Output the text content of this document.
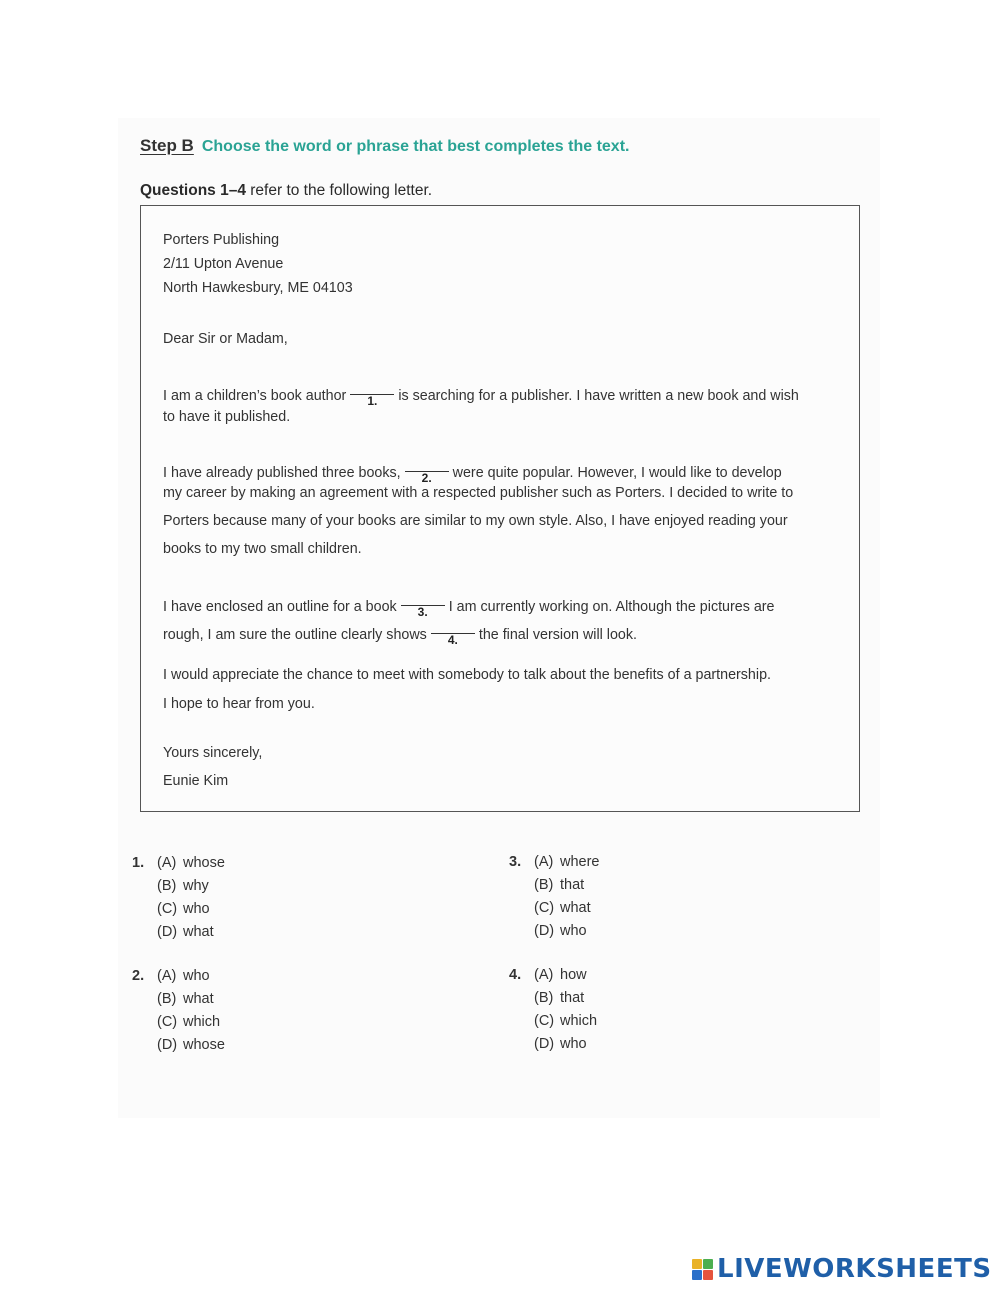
Step B Choose the word or phrase that best completes the text.
Questions 1–4 refer to the following letter.
Porters Publishing
2/11 Upton Avenue
North Hawkesbury, ME 04103
Dear Sir or Madam,
I am a children’s book author 1. is searching for a publisher. I have written a new book and wish
to have it published.
I have already published three books, 2. were quite popular. However, I would like to develop
my career by making an agreement with a respected publisher such as Porters. I decided to write to
Porters because many of your books are similar to my own style. Also, I have enjoyed reading your
books to my two small children.
I have enclosed an outline for a book 3. I am currently working on. Although the pictures are
rough, I am sure the outline clearly shows 4. the final version will look.
I would appreciate the chance to meet with somebody to talk about the benefits of a partnership.
I hope to hear from you.
Yours sincerely,
Eunie Kim
1. (A) whose
(B) why
(C) who
(D) what
2. (A) who
(B) what
(C) which
(D) whose
3. (A) where
(B) that
(C) what
(D) who
4. (A) how
(B) that
(C) which
(D) who
LIVEWORKSHEETS
